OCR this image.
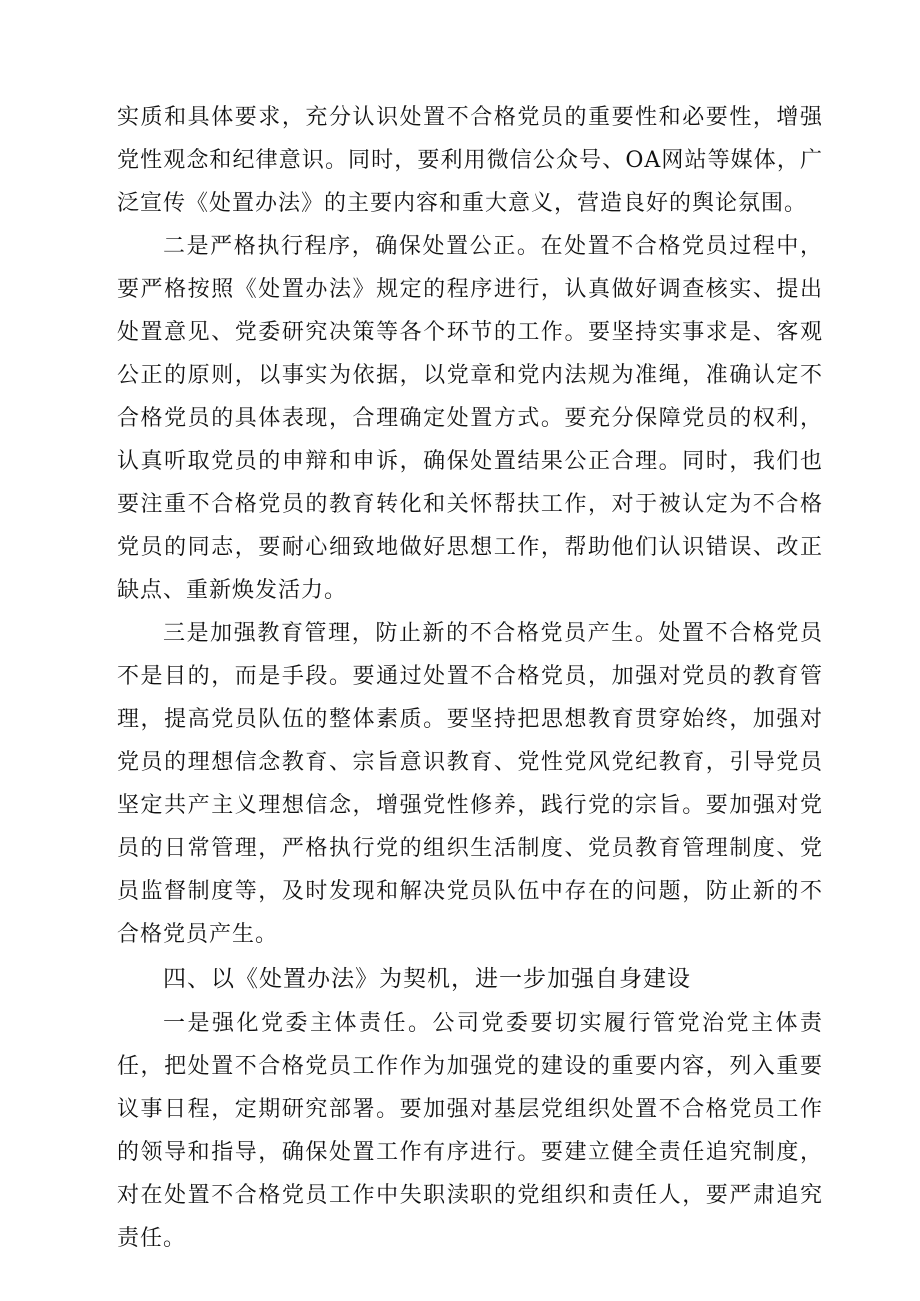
实质和具体要求，充分认识处置不合格党员的重要性和必要性，增强党性观念和纪律意识。同时，要利用微信公众号、OA网站等媒体，广泛宣传《处置办法》的主要内容和重大意义，营造良好的舆论氛围。

二是严格执行程序，确保处置公正。在处置不合格党员过程中，要严格按照《处置办法》规定的程序进行，认真做好调查核实、提出处置意见、党委研究决策等各个环节的工作。要坚持实事求是、客观公正的原则，以事实为依据，以党章和党内法规为准绳，准确认定不合格党员的具体表现，合理确定处置方式。要充分保障党员的权利，认真听取党员的申辩和申诉，确保处置结果公正合理。同时，我们也要注重不合格党员的教育转化和关怀帮扶工作，对于被认定为不合格党员的同志，要耐心细致地做好思想工作，帮助他们认识错误、改正缺点、重新焕发活力。

三是加强教育管理，防止新的不合格党员产生。处置不合格党员不是目的，而是手段。要通过处置不合格党员，加强对党员的教育管理，提高党员队伍的整体素质。要坚持把思想教育贯穿始终，加强对党员的理想信念教育、宗旨意识教育、党性党风党纪教育，引导党员坚定共产主义理想信念，增强党性修养，践行党的宗旨。要加强对党员的日常管理，严格执行党的组织生活制度、党员教育管理制度、党员监督制度等，及时发现和解决党员队伍中存在的问题，防止新的不合格党员产生。

四、以《处置办法》为契机，进一步加强自身建设

一是强化党委主体责任。公司党委要切实履行管党治党主体责任，把处置不合格党员工作作为加强党的建设的重要内容，列入重要议事日程，定期研究部署。要加强对基层党组织处置不合格党员工作的领导和指导，确保处置工作有序进行。要建立健全责任追究制度，对在处置不合格党员工作中失职渎职的党组织和责任人，要严肃追究责任。
